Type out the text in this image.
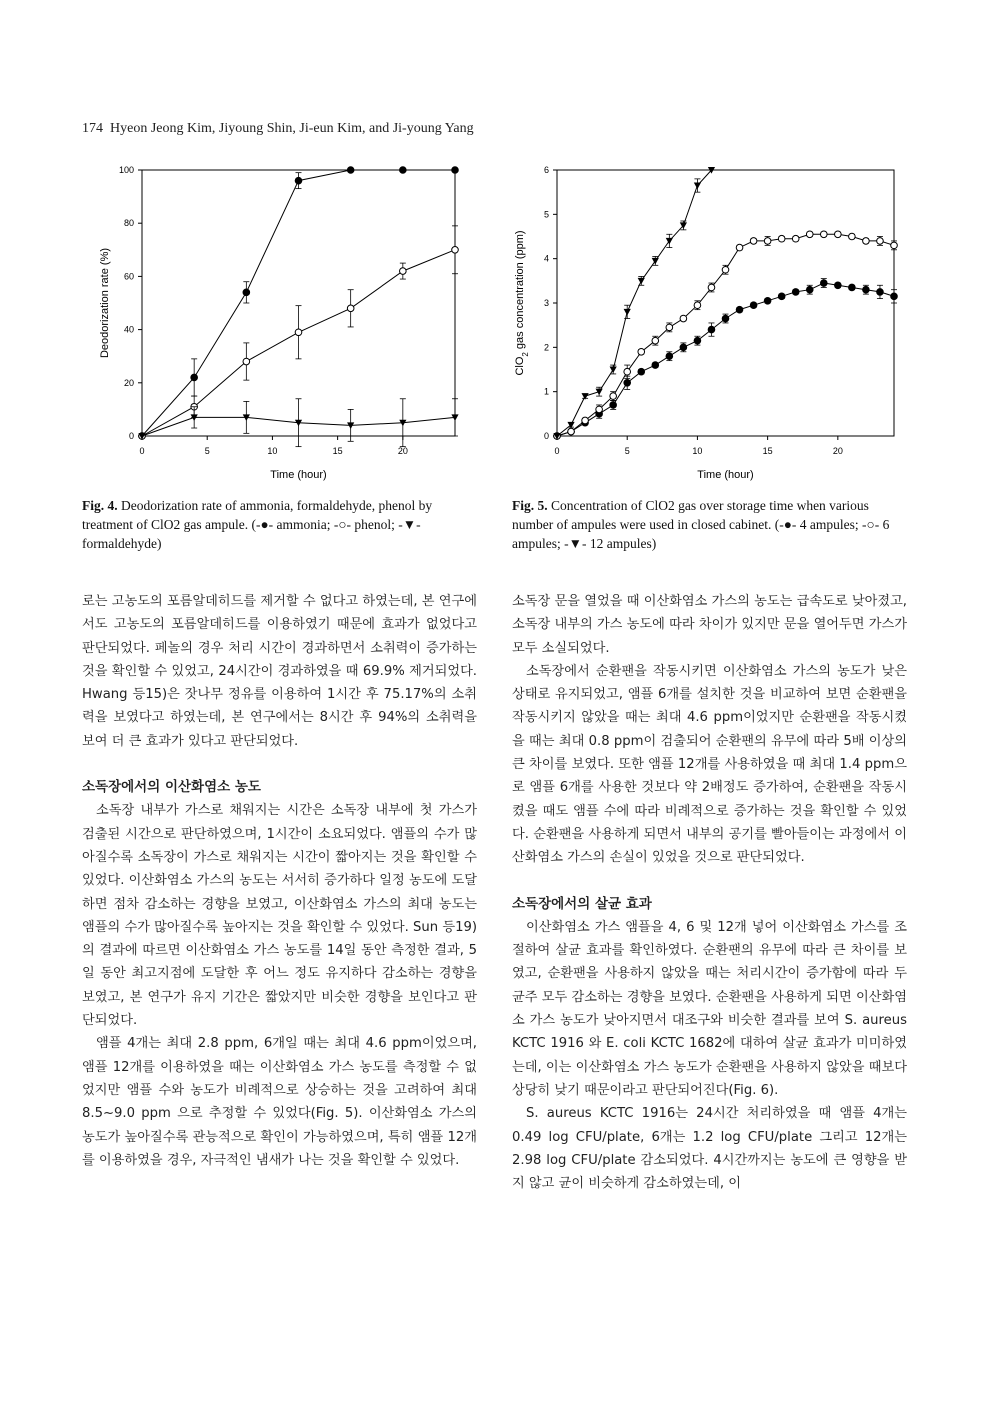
174 Hyeon Jeong Kim, Jiyoung Shin, Ji-eun Kim, and Ji-young Yang
0	5	10	15	20
0
20
40
60
80
100
Time (hour)
Deodorization rate (%)
0	5	10	15	20
0
1
2
3
4
5
6
Time (hour)
ClO$_2$ gas concentration (ppm)
Fig. 4. Deodorization rate of ammonia, formaldehyde, phenol by treatment of ClO2 gas ampule. (-●- ammonia; -○- phenol; -▼- formaldehyde)
Fig. 5. Concentration of ClO2 gas over storage time when various number of ampules were used in closed cabinet. (-●- 4 ampules; -○- 6 ampules; -▼- 12 ampules)

로는 고농도의 포름알데히드를 제거할 수 없다고 하였는데, 본 연구에서도 고농도의 포름알데히드를 이용하였기 때문에 효과가 없었다고 판단되었다. 페놀의 경우 처리 시간이 경과하면서 소취력이 증가하는 것을 확인할 수 있었고, 24시간이 경과하였을 때 69.9% 제거되었다. Hwang 등15)은 잣나무 정유를 이용하여 1시간 후 75.17%의 소취력을 보였다고 하였는데, 본 연구에서는 8시간 후 94%의 소취력을 보여 더 큰 효과가 있다고 판단되었다.

소독장에서의 이산화염소 농도

소독장 내부가 가스로 채워지는 시간은 소독장 내부에 첫 가스가 검출된 시간으로 판단하였으며, 1시간이 소요되었다. 앰플의 수가 많아질수록 소독장이 가스로 채워지는 시간이 짧아지는 것을 확인할 수 있었다. 이산화염소 가스의 농도는 서서히 증가하다 일정 농도에 도달하면 점차 감소하는 경향을 보였고, 이산화염소 가스의 최대 농도는 앰플의 수가 많아질수록 높아지는 것을 확인할 수 있었다. Sun 등19)의 결과에 따르면 이산화염소 가스 농도를 14일 동안 측정한 결과, 5일 동안 최고지점에 도달한 후 어느 정도 유지하다 감소하는 경향을 보였고, 본 연구가 유지 기간은 짧았지만 비슷한 경향을 보인다고 판단되었다.

앰플 4개는 최대 2.8 ppm, 6개일 때는 최대 4.6 ppm이었으며, 앰플 12개를 이용하였을 때는 이산화염소 가스 농도를 측정할 수 없었지만 앰플 수와 농도가 비례적으로 상승하는 것을 고려하여 최대 8.5~9.0 ppm 으로 추정할 수 있었다(Fig. 5). 이산화염소 가스의 농도가 높아질수록 관능적으로 확인이 가능하였으며, 특히 앰플 12개를 이용하였을 경우, 자극적인 냄새가 나는 것을 확인할 수 있었다.

소독장 문을 열었을 때 이산화염소 가스의 농도는 급속도로 낮아졌고, 소독장 내부의 가스 농도에 따라 차이가 있지만 문을 열어두면 가스가 모두 소실되었다.

소독장에서 순환팬을 작동시키면 이산화염소 가스의 농도가 낮은 상태로 유지되었고, 앰플 6개를 설치한 것을 비교하여 보면 순환팬을 작동시키지 않았을 때는 최대 4.6 ppm이었지만 순환팬을 작동시켰을 때는 최대 0.8 ppm이 검출되어 순환팬의 유무에 따라 5배 이상의 큰 차이를 보였다. 또한 앰플 12개를 사용하였을 때 최대 1.4 ppm으로 앰플 6개를 사용한 것보다 약 2배정도 증가하여, 순환팬을 작동시켰을 때도 앰플 수에 따라 비례적으로 증가하는 것을 확인할 수 있었다. 순환팬을 사용하게 되면서 내부의 공기를 빨아들이는 과정에서 이산화염소 가스의 손실이 있었을 것으로 판단되었다.

소독장에서의 살균 효과

이산화염소 가스 앰플을 4, 6 및 12개 넣어 이산화염소 가스를 조절하여 살균 효과를 확인하였다. 순환팬의 유무에 따라 큰 차이를 보였고, 순환팬을 사용하지 않았을 때는 처리시간이 증가함에 따라 두 균주 모두 감소하는 경향을 보였다. 순환팬을 사용하게 되면 이산화염소 가스 농도가 낮아지면서 대조구와 비슷한 결과를 보여 S. aureus KCTC 1916 와 E. coli KCTC 1682에 대하여 살균 효과가 미미하였는데, 이는 이산화염소 가스 농도가 순환팬을 사용하지 않았을 때보다 상당히 낮기 때문이라고 판단되어진다(Fig. 6).

S. aureus KCTC 1916는 24시간 처리하였을 때 앰플 4개는 0.49 log CFU/plate, 6개는 1.2 log CFU/plate 그리고 12개는 2.98 log CFU/plate 감소되었다. 4시간까지는 농도에 큰 영향을 받지 않고 균이 비슷하게 감소하였는데, 이
